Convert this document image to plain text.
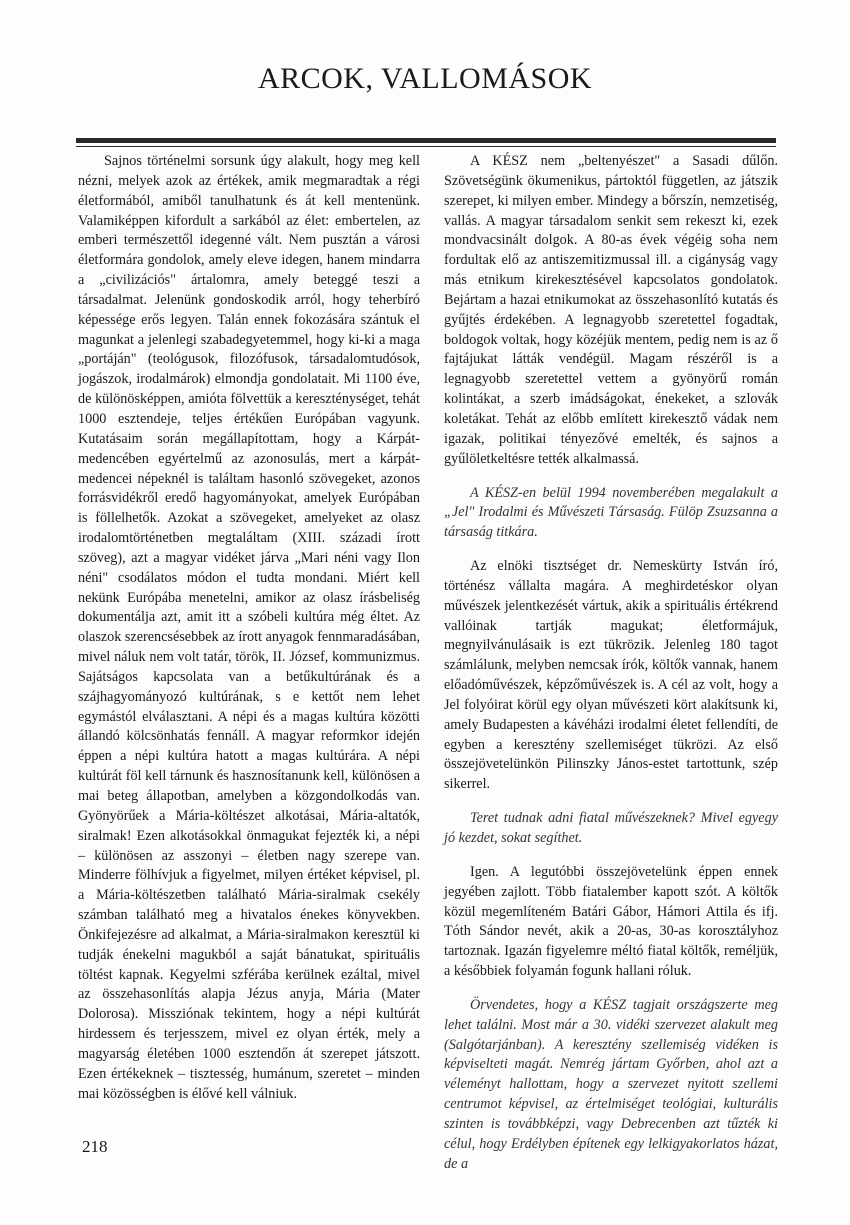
ARCOK, VALLOMÁSOK

Sajnos történelmi sorsunk úgy alakult, hogy meg kell nézni, melyek azok az értékek, amik megmaradtak a régi életformából, amiből tanulhatunk és át kell mentenünk. Valamiképpen kifordult a sarkából az élet: embertelen, az emberi természettől idegenné vált. Nem pusztán a városi életformára gondolok, amely eleve idegen, hanem mindarra a „civilizációs" ártalomra, amely beteggé teszi a társadalmat. Jelenünk gondoskodik arról, hogy teherbíró képessége erős legyen. Talán ennek fokozására szántuk el magunkat a jelenlegi szabadegyetemmel, hogy ki-ki a maga „portáján" (teológusok, filozófusok, társadalomtudósok, jogászok, irodalmárok) elmondja gondolatait. Mi 1100 éve, de különösképpen, amióta fölvettük a kereszténységet, tehát 1000 esztendeje, teljes értékűen Európában vagyunk. Kutatásaim során megállapítottam, hogy a Kárpát-medencében egyértelmű az azonosulás, mert a kárpát-medencei népeknél is találtam hasonló szövegeket, azonos forrásvidékről eredő hagyományokat, amelyek Európában is föllelhetők. Azokat a szövegeket, amelyeket az olasz irodalomtörténetben megtaláltam (XIII. századi írott szöveg), azt a magyar vidéket járva „Mari néni vagy Ilon néni" csodálatos módon el tudta mondani. Miért kell nekünk Európába menetelni, amikor az olasz írásbeliség dokumentálja azt, amit itt a szóbeli kultúra még éltet. Az olaszok szerencsésebbek az írott anyagok fennmaradásában, mivel náluk nem volt tatár, török, II. József, kommunizmus. Sajátságos kapcsolata van a betűkultúrának és a szájhagyományozó kultúrának, s e kettőt nem lehet egymástól elválasztani. A népi és a magas kultúra közötti állandó kölcsönhatás fennáll. A magyar reformkor idején éppen a népi kultúra hatott a magas kultúrára. A népi kultúrát föl kell tárnunk és hasznosítanunk kell, különösen a mai beteg állapotban, amelyben a közgondolkodás van. Gyönyörűek a Mária-költészet alkotásai, Mária-altatók, siralmak! Ezen alkotásokkal önmagukat fejezték ki, a népi – különösen az asszonyi – életben nagy szerepe van. Minderre fölhívjuk a figyelmet, milyen értéket képvisel, pl. a Mária-költészetben található Mária-siralmak csekély számban található meg a hivatalos énekes könyvekben. Önkifejezésre ad alkalmat, a Mária-siralmakon keresztül ki tudják énekelni magukból a saját bánatukat, spirituális töltést kapnak. Kegyelmi szférába kerülnek ezáltal, mivel az összehasonlítás alapja Jézus anyja, Mária (Mater Dolorosa). Missziónak tekintem, hogy a népi kultúrát hirdessem és terjesszem, mivel ez olyan érték, mely a magyarság életében 1000 esztendőn át szerepet játszott. Ezen értékeknek – tisztesség, humánum, szeretet – minden mai közösségben is élővé kell válniuk.

A KÉSZ nem „beltenyészet" a Sasadi dűlőn. Szövetségünk ökumenikus, pártoktól független, az játszik szerepet, ki milyen ember. Mindegy a bőrszín, nemzetiség, vallás. A magyar társadalom senkit sem rekeszt ki, ezek mondvacsinált dolgok. A 80-as évek végéig soha nem fordultak elő az antiszemitizmussal ill. a cigányság vagy más etnikum kirekesztésével kapcsolatos gondolatok. Bejártam a hazai etnikumokat az összehasonlító kutatás és gyűjtés érdekében. A legnagyobb szeretettel fogadtak, boldogok voltak, hogy közéjük mentem, pedig nem is az ő fajtájukat látták vendégül. Magam részéről is a legnagyobb szeretettel vettem a gyönyörű román kolintákat, a szerb imádságokat, énekeket, a szlovák koletákat. Tehát az előbb említett kirekesztő vádak nem igazak, politikai tényezővé emelték, és sajnos a gyűlöletkeltésre tették alkalmassá.

A KÉSZ-en belül 1994 novemberében megalakult a „Jel" Irodalmi és Művészeti Társaság. Fülöp Zsuzsanna a társaság titkára.

Az elnöki tisztséget dr. Nemeskürty István író, történész vállalta magára. A meghirdetéskor olyan művészek jelentkezését vártuk, akik a spirituális értékrend vallóinak tartják magukat; életformájuk, megnyilvánulásaik is ezt tükrözik. Jelenleg 180 tagot számlálunk, melyben nemcsak írók, költők vannak, hanem előadóművészek, képzőművészek is. A cél az volt, hogy a Jel folyóirat körül egy olyan művészeti kört alakítsunk ki, amely Budapesten a kávéházi irodalmi életet fellendíti, de egyben a keresztény szellemiséget tükrözi. Az első összejövetelünkön Pilinszky János-estet tartottunk, szép sikerrel.

Teret tudnak adni fiatal művészeknek? Mivel egyegy jó kezdet, sokat segíthet.

Igen. A legutóbbi összejövetelünk éppen ennek jegyében zajlott. Több fiatalember kapott szót. A költők közül megemlíteném Batári Gábor, Hámori Attila és ifj. Tóth Sándor nevét, akik a 20-as, 30-as korosztályhoz tartoznak. Igazán figyelemre méltó fiatal költők, reméljük, a későbbiek folyamán fogunk hallani róluk.

Örvendetes, hogy a KÉSZ tagjait országszerte meg lehet találni. Most már a 30. vidéki szervezet alakult meg (Salgótarjánban). A keresztény szellemiség vidéken is képviselteti magát. Nemrég jártam Győrben, ahol azt a véleményt hallottam, hogy a szervezet nyitott szellemi centrumot képvisel, az értelmiséget teológiai, kulturális szinten is továbbképzi, vagy Debrecenben azt tűzték ki célul, hogy Erdélyben építenek egy lelkigyakorlatos házat, de a

218
